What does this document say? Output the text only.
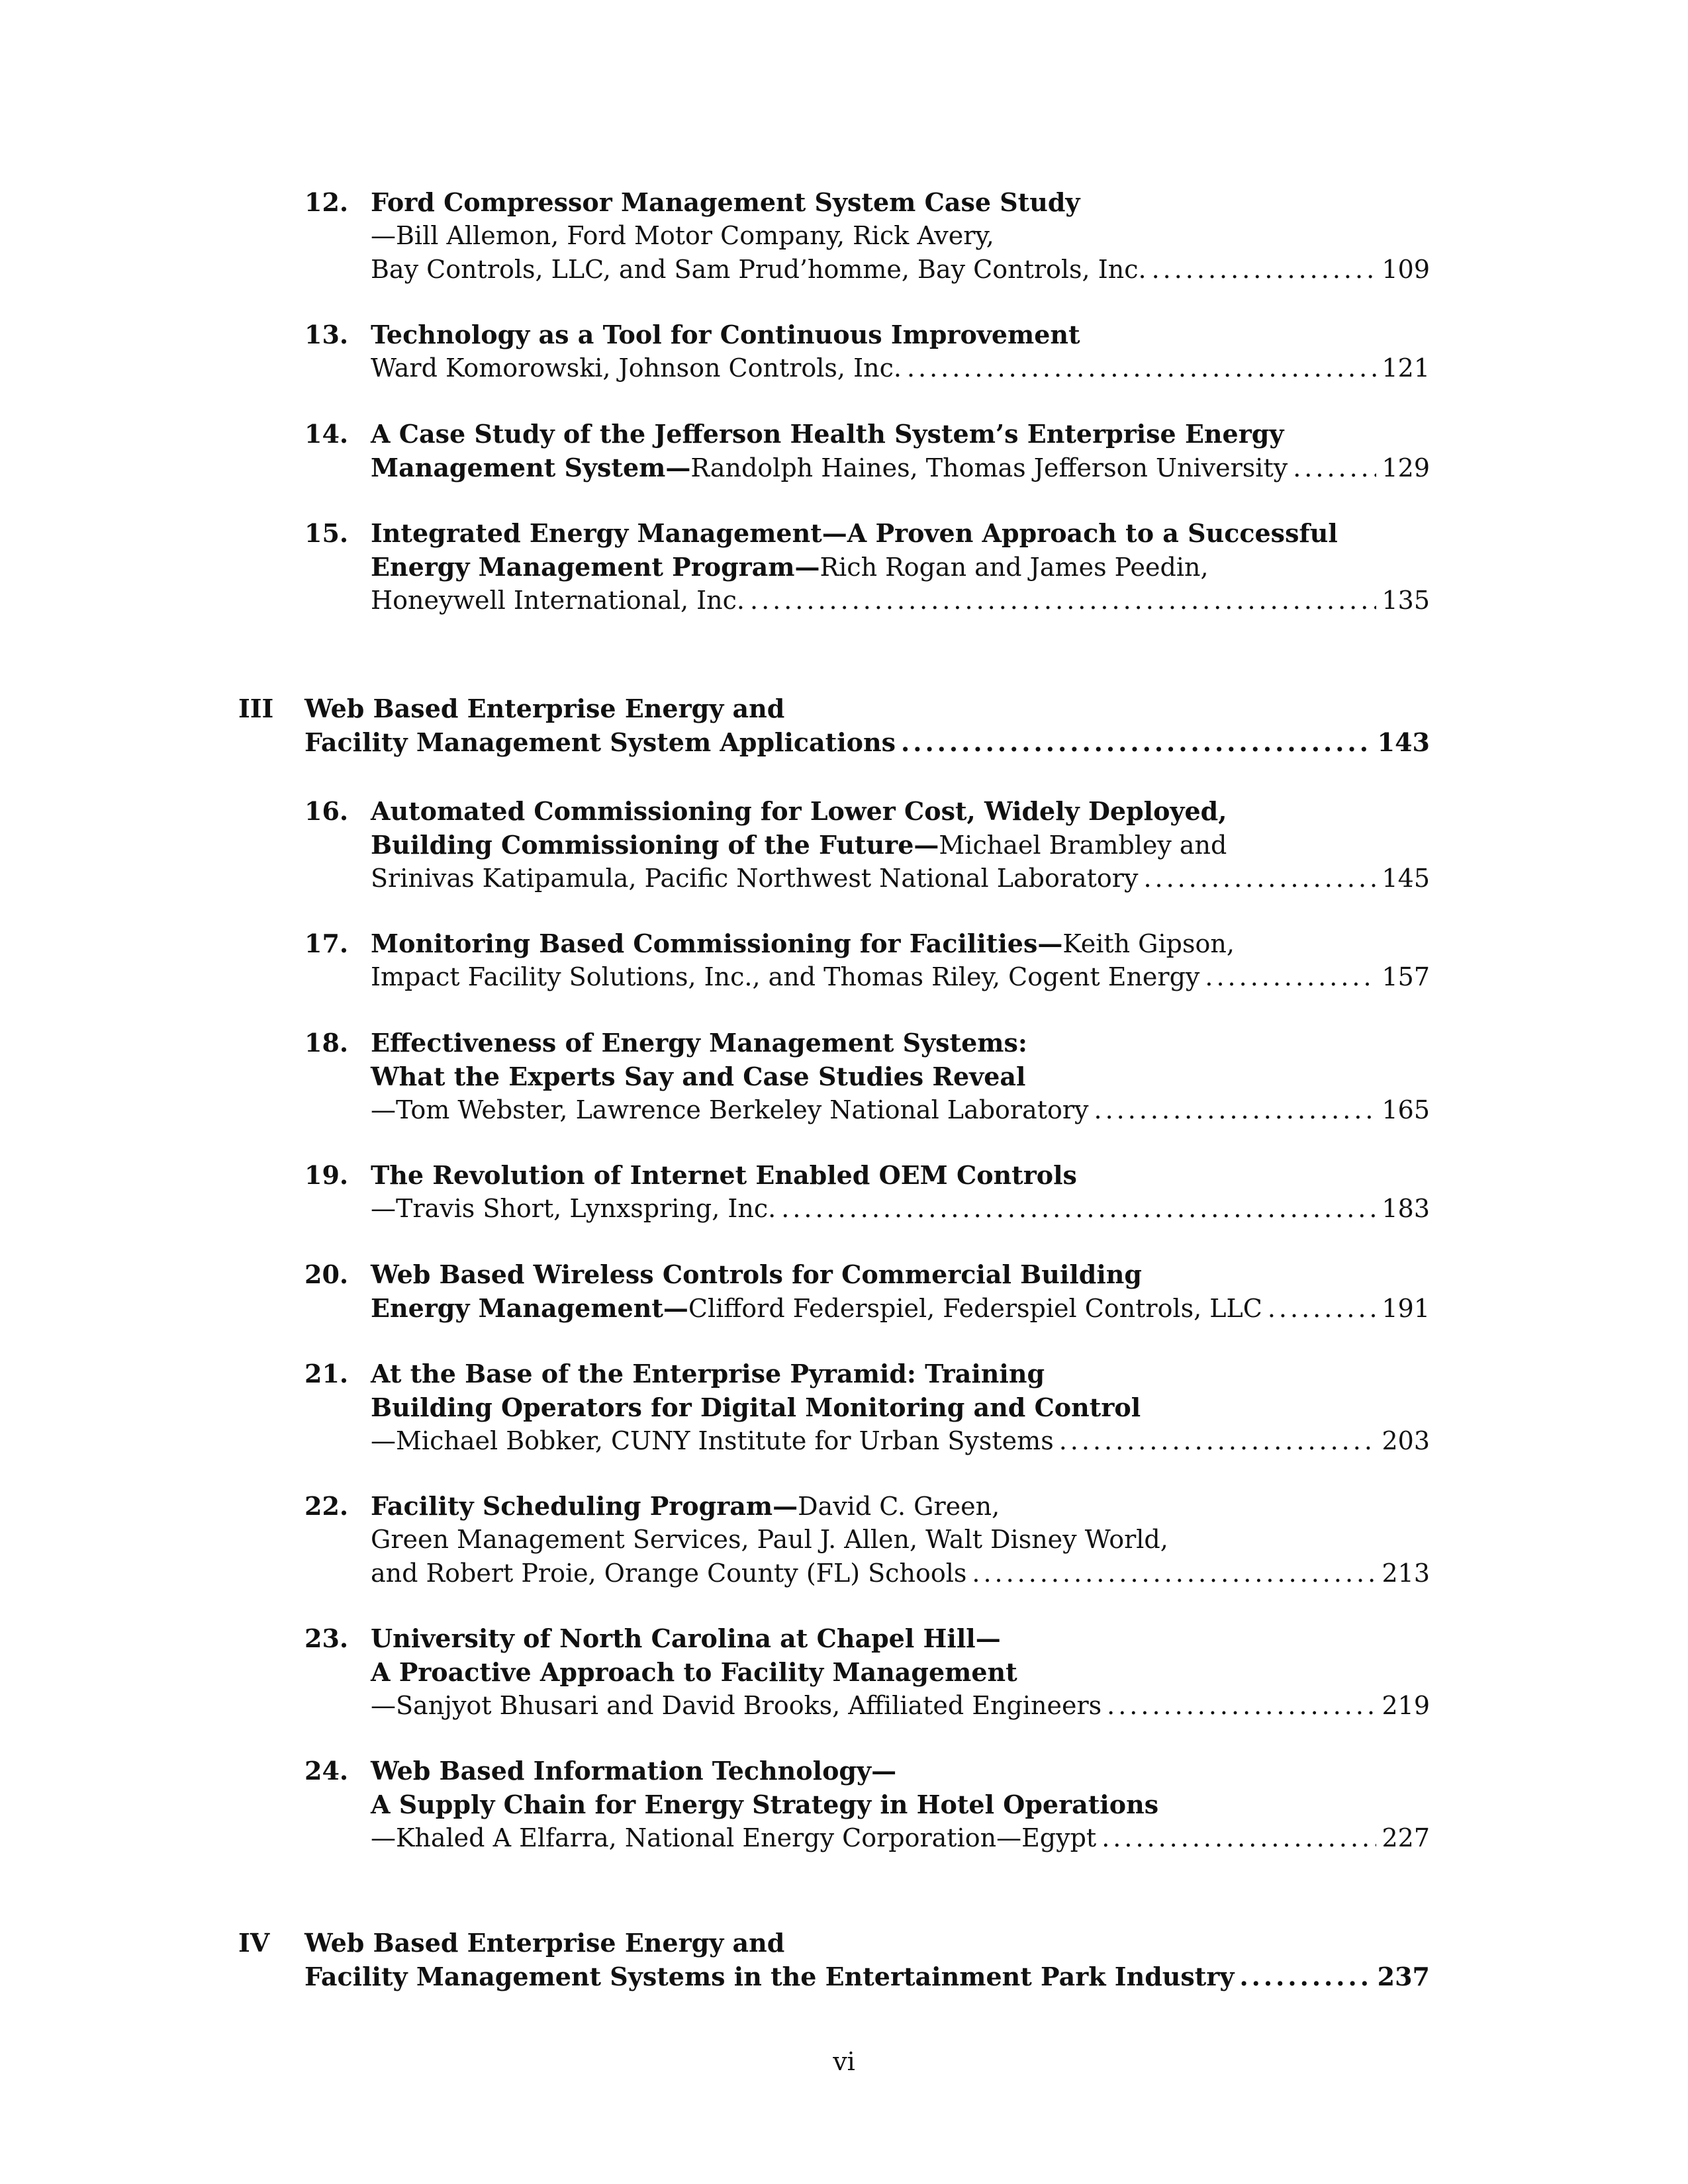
12. Ford Compressor Management System Case Study
—Bill Allemon, Ford Motor Company, Rick Avery,
Bay Controls, LLC, and Sam Prud’homme, Bay Controls, Inc. .....	109
13. Technology as a Tool for Continuous Improvement
Ward Komorowski, Johnson Controls, Inc. .....	121
14. A Case Study of the Jefferson Health System’s Enterprise Energy
Management System— Randolph Haines, Thomas Jefferson University .....	129
15. Integrated Energy Management—A Proven Approach to a Successful
Energy Management Program— Rich Rogan and James Peedin,
Honeywell International, Inc. .....	135
III Web Based Enterprise Energy and
Facility Management System Applications .....	143
16. Automated Commissioning for Lower Cost, Widely Deployed,
Building Commissioning of the Future— Michael Brambley and
Srinivas Katipamula, Pacific Northwest National Laboratory .....	145
17. Monitoring Based Commissioning for Facilities— Keith Gipson,
Impact Facility Solutions, Inc., and Thomas Riley, Cogent Energy .....	157
18. Effectiveness of Energy Management Systems:
What the Experts Say and Case Studies Reveal
—Tom Webster, Lawrence Berkeley National Laboratory .....	165
19. The Revolution of Internet Enabled OEM Controls
—Travis Short, Lynxspring, Inc. .....	183
20. Web Based Wireless Controls for Commercial Building
Energy Management— Clifford Federspiel, Federspiel Controls, LLC .....	191
21. At the Base of the Enterprise Pyramid: Training
Building Operators for Digital Monitoring and Control
—Michael Bobker, CUNY Institute for Urban Systems .....	203
22. Facility Scheduling Program— David C. Green,
Green Management Services, Paul J. Allen, Walt Disney World,
and Robert Proie, Orange County (FL) Schools .....	213
23. University of North Carolina at Chapel Hill—
A Proactive Approach to Facility Management
—Sanjyot Bhusari and David Brooks, Affiliated Engineers .....	219
24. Web Based Information Technology—
A Supply Chain for Energy Strategy in Hotel Operations
—Khaled A Elfarra, National Energy Corporation—Egypt .....	227
IV Web Based Enterprise Energy and
Facility Management Systems in the Entertainment Park Industry .....	237
vi
